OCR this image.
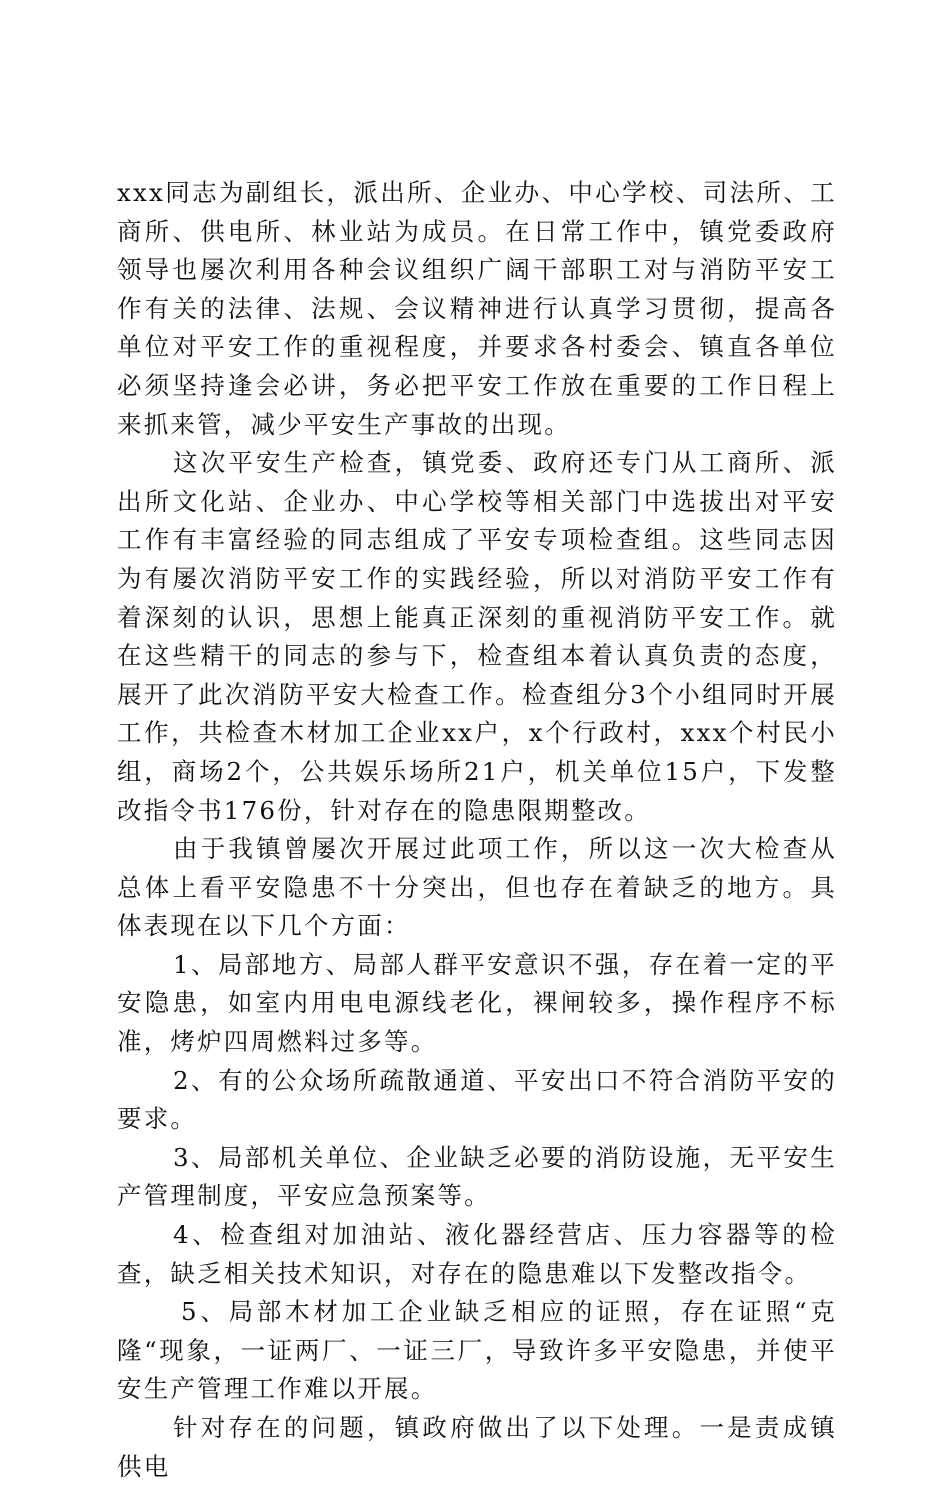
xxx同志为副组长，派出所、企业办、中心学校、司法所、工商所、供电所、林业站为成员。在日常工作中，镇党委政府领导也屡次利用各种会议组织广阔干部职工对与消防平安工作有关的法律、法规、会议精神进行认真学习贯彻，提高各单位对平安工作的重视程度，并要求各村委会、镇直各单位必须坚持逢会必讲，务必把平安工作放在重要的工作日程上来抓来管，减少平安生产事故的出现。

这次平安生产检查，镇党委、政府还专门从工商所、派出所文化站、企业办、中心学校等相关部门中选拔出对平安工作有丰富经验的同志组成了平安专项检查组。这些同志因为有屡次消防平安工作的实践经验，所以对消防平安工作有着深刻的认识，思想上能真正深刻的重视消防平安工作。就在这些精干的同志的参与下，检查组本着认真负责的态度，展开了此次消防平安大检查工作。检查组分3个小组同时开展工作，共检查木材加工企业xx户，x个行政村，xxx个村民小组，商场2个，公共娱乐场所21户，机关单位15户，下发整改指令书176份，针对存在的隐患限期整改。

由于我镇曾屡次开展过此项工作，所以这一次大检查从总体上看平安隐患不十分突出，但也存在着缺乏的地方。具体表现在以下几个方面：

1、局部地方、局部人群平安意识不强，存在着一定的平安隐患，如室内用电电源线老化，裸闸较多，操作程序不标准，烤炉四周燃料过多等。

2、有的公众场所疏散通道、平安出口不符合消防平安的要求。

3、局部机关单位、企业缺乏必要的消防设施，无平安生产管理制度，平安应急预案等。

4、检查组对加油站、液化器经营店、压力容器等的检查，缺乏相关技术知识，对存在的隐患难以下发整改指令。

5、局部木材加工企业缺乏相应的证照，存在证照“克隆“现象，一证两厂、一证三厂，导致许多平安隐患，并使平安生产管理工作难以开展。

针对存在的问题，镇政府做出了以下处理。一是责成镇供电
